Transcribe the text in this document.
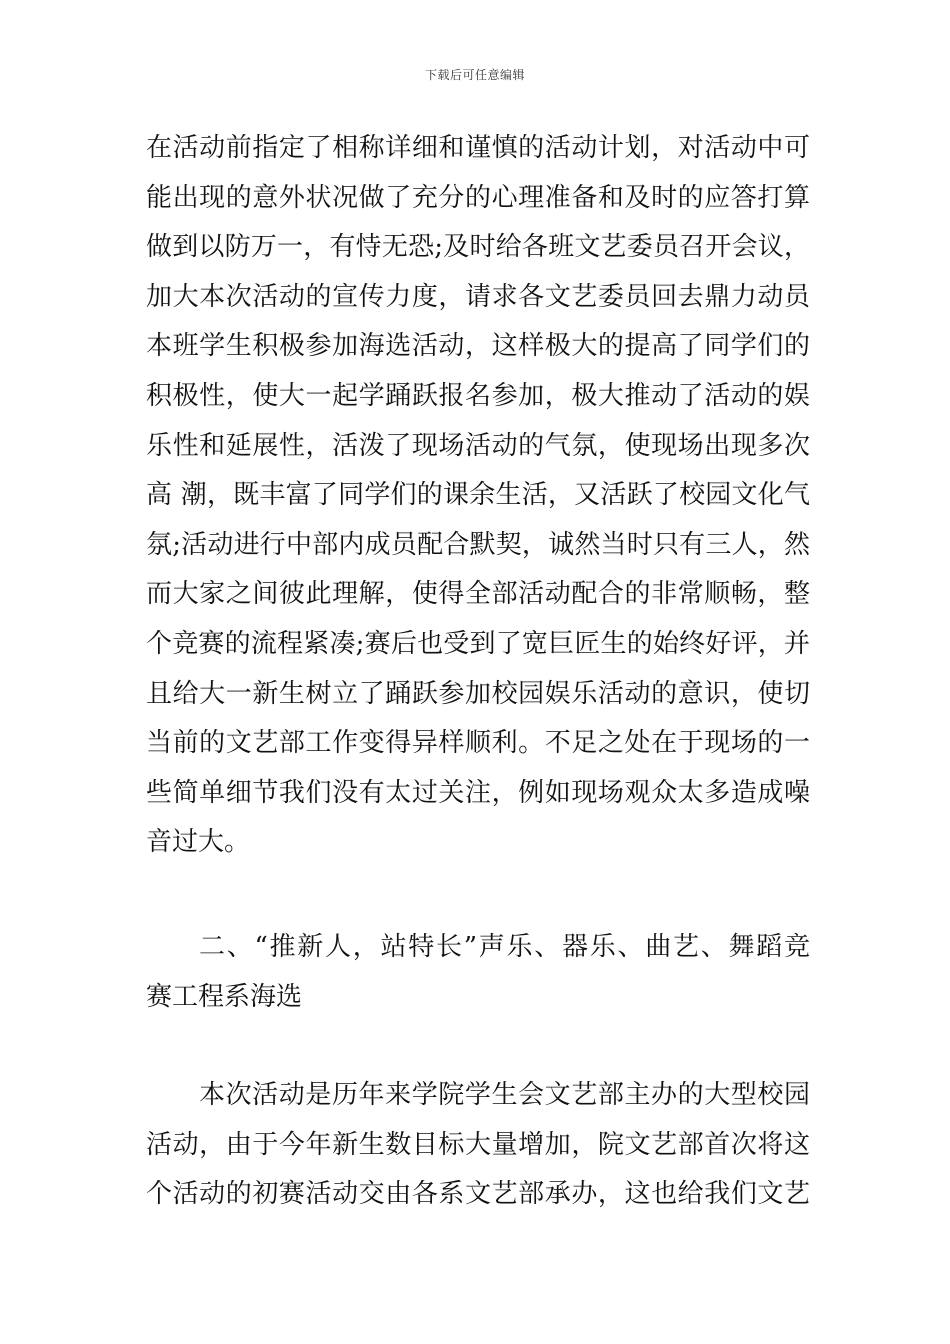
下载后可任意编辑
在活动前指定了相称详细和谨慎的活动计划，对活动中可
能出现的意外状况做了充分的心理准备和及时的应答打算
做到以防万一，有恃无恐;及时给各班文艺委员召开会议，
加大本次活动的宣传力度，请求各文艺委员回去鼎力动员
本班学生积极参加海选活动，这样极大的提高了同学们的
积极性，使大一起学踊跃报名参加，极大推动了活动的娱
乐性和延展性，活泼了现场活动的气氛，使现场出现多次
高 潮，既丰富了同学们的课余生活，又活跃了校园文化气
氛;活动进行中部内成员配合默契，诚然当时只有三人，然
而大家之间彼此理解，使得全部活动配合的非常顺畅，整
个竞赛的流程紧凑;赛后也受到了宽巨匠生的始终好评，并
且给大一新生树立了踊跃参加校园娱乐活动的意识，使切
当前的文艺部工作变得异样顺利。不足之处在于现场的一
些简单细节我们没有太过关注，例如现场观众太多造成噪
音过大。
二、“推新人，站特长”声乐、器乐、曲艺、舞蹈竞
赛工程系海选
本次活动是历年来学院学生会文艺部主办的大型校园
活动，由于今年新生数目标大量增加，院文艺部首次将这
个活动的初赛活动交由各系文艺部承办，这也给我们文艺
